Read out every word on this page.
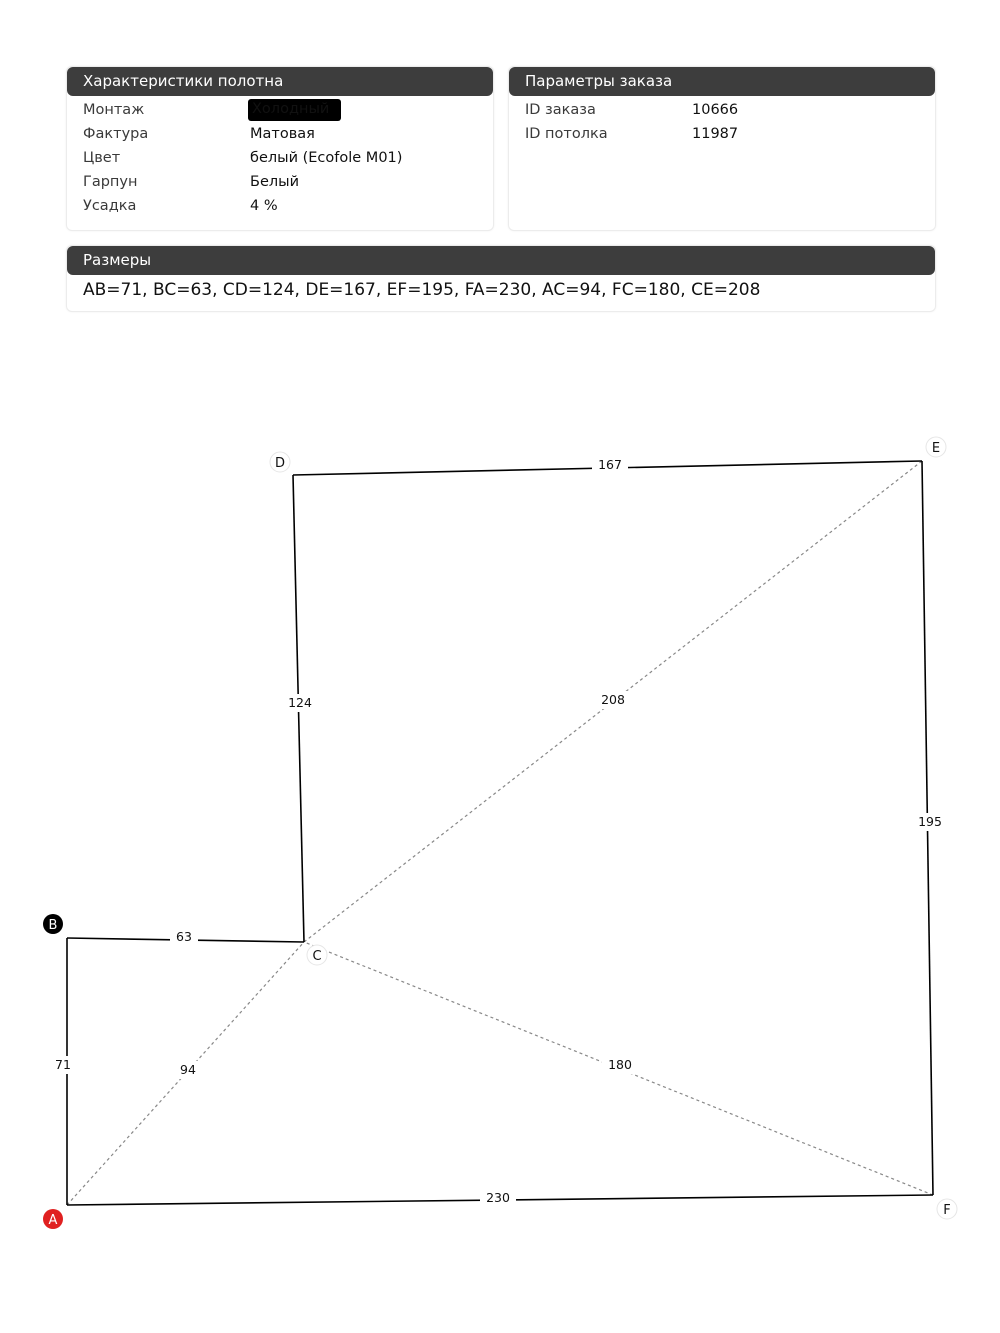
Характеристики полотна
Монтаж	Холодный
Фактура	Матовая
Цвет	белый (Ecofole M01)
Гарпун	Белый
Усадка	4 %
Параметры заказа
ID заказа	10666
ID потолка	11987
Размеры
AB=71, BC=63, CD=124, DE=167, EF=195, FA=230, AC=94, FC=180, CE=208
94	180
208
71
63
124
167
195
230
A
B
C
D
E
F
